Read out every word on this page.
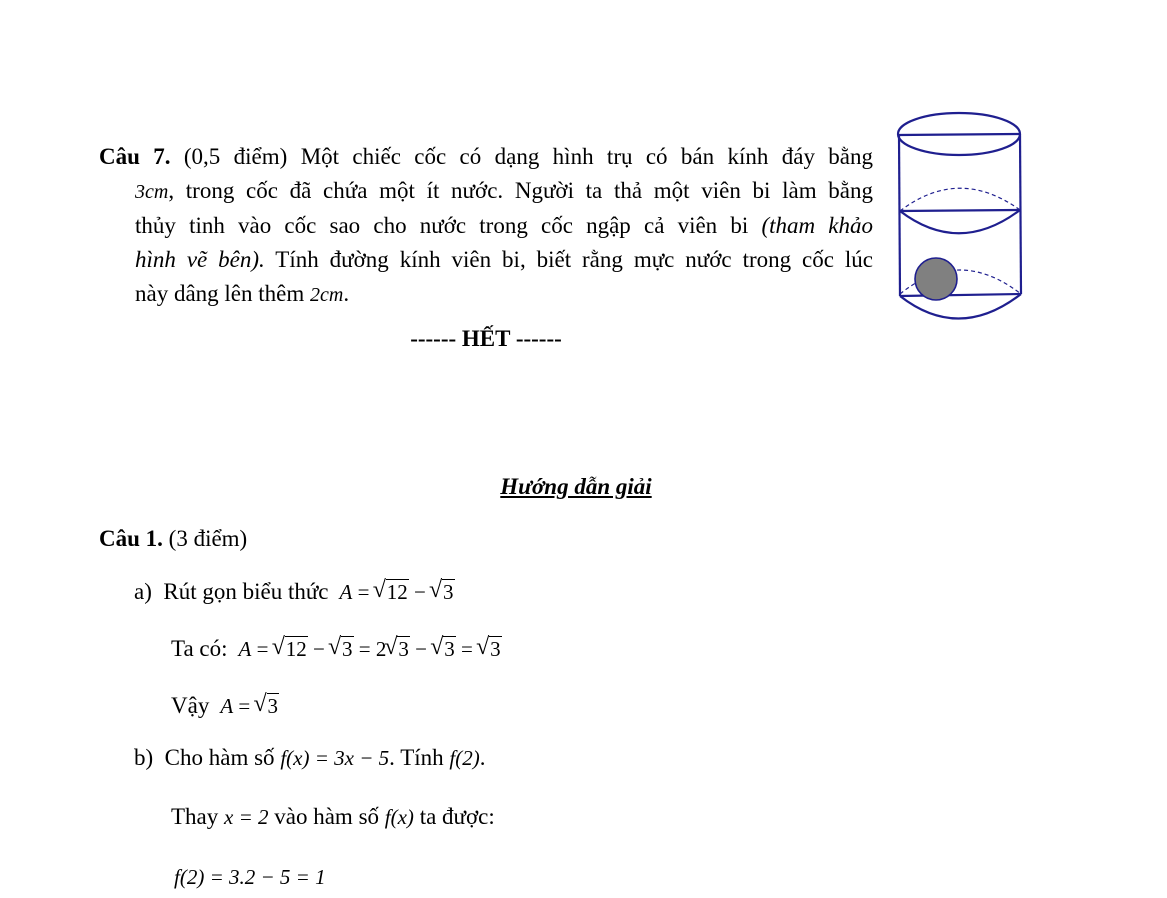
Câu 7. (0,5 điểm) Một chiếc cốc có dạng hình trụ có bán kính đáy bằng
3cm, trong cốc đã chứa một ít nước. Người ta thả một viên bi làm bằng
thủy tinh vào cốc sao cho nước trong cốc ngập cả viên bi (tham khảo
hình vẽ bên). Tính đường kính viên bi, biết rằng mực nước trong cốc lúc
này dâng lên thêm 2cm.
------ HẾT ------
Hướng dẫn giải
Câu 1. (3 điểm)
a) Rút gọn biểu thức A = √ 12 − √ 3
Ta có: A = √ 12 − √ 3 = 2√ 3 − √ 3 = √ 3
Vậy A = √ 3
b) Cho hàm số f(x) = 3x − 5. Tính f(2).
Thay x = 2 vào hàm số f(x) ta được:
f(2) = 3.2 − 5 = 1
